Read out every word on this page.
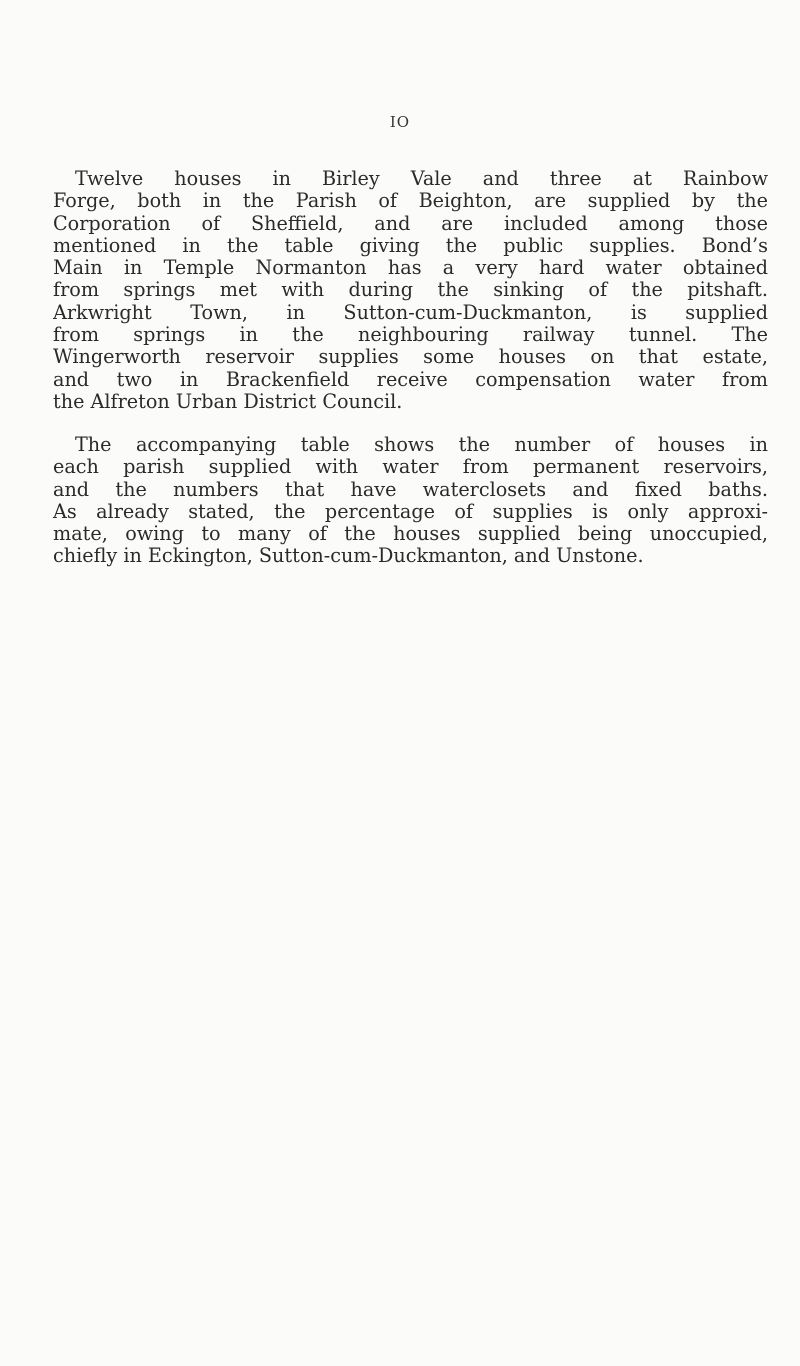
IO
Twelve houses in Birley Vale and three at Rainbow
Forge, both in the Parish of Beighton, are supplied by the
Corporation of Sheffield, and are included among those
mentioned in the table giving the public supplies. Bond’s
Main in Temple Normanton has a very hard water obtained
from springs met with during the sinking of the pitshaft.
Arkwright Town, in Sutton-cum-Duckmanton, is supplied
from springs in the neighbouring railway tunnel. The
Wingerworth reservoir supplies some houses on that estate,
and two in Brackenfield receive compensation water from
the Alfreton Urban District Council.
The accompanying table shows the number of houses in
each parish supplied with water from permanent reservoirs,
and the numbers that have waterclosets and fixed baths.
As already stated, the percentage of supplies is only approxi-
mate, owing to many of the houses supplied being unoccupied,
chiefly in Eckington, Sutton-cum-Duckmanton, and Unstone.
